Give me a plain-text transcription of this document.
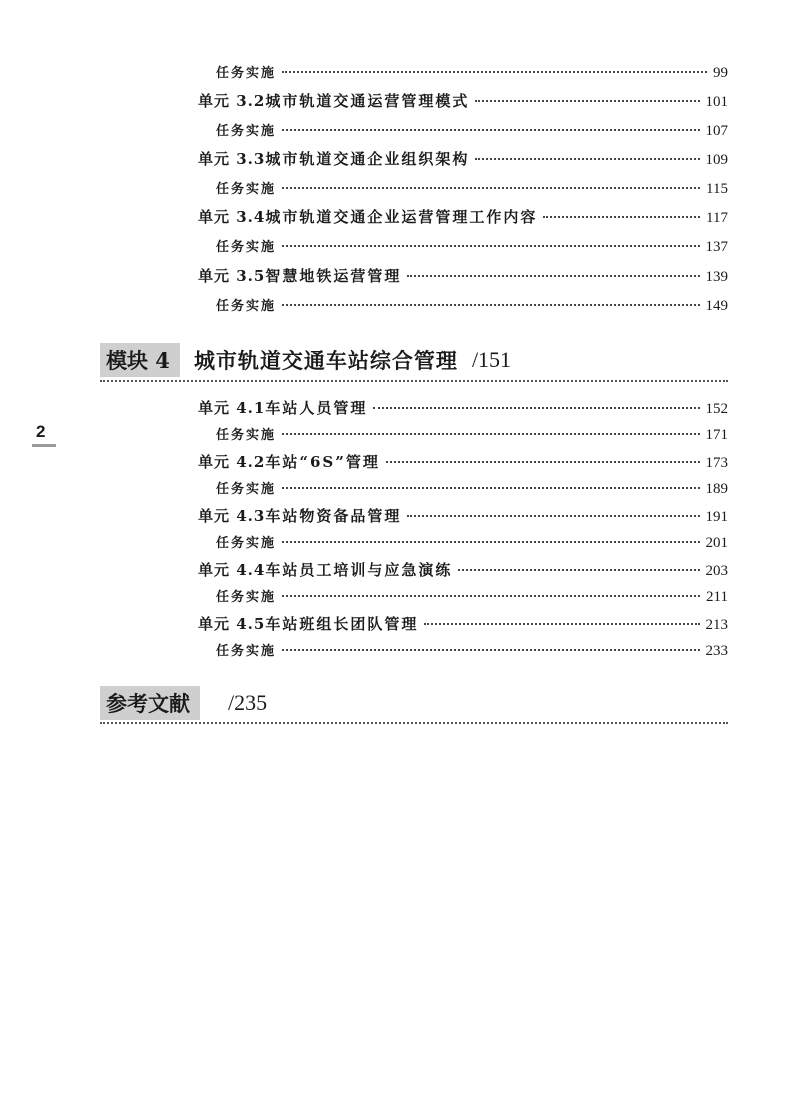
任务实施	99
单元 3.2 城市轨道交通运营管理模式	101
任务实施	107
单元 3.3 城市轨道交通企业组织架构	109
任务实施	115
单元 3.4 城市轨道交通企业运营管理工作内容	117
任务实施	137
单元 3.5 智慧地铁运营管理	139
任务实施	149
模块 4	城市轨道交通车站综合管理 /151
2
单元 4.1 车站人员管理	152
任务实施	171
单元 4.2 车站“6S”管理	173
任务实施	189
单元 4.3 车站物资备品管理	191
任务实施	201
单元 4.4 车站员工培训与应急演练	203
任务实施	211
单元 4.5 车站班组长团队管理	213
任务实施	233
参考文献	/235
